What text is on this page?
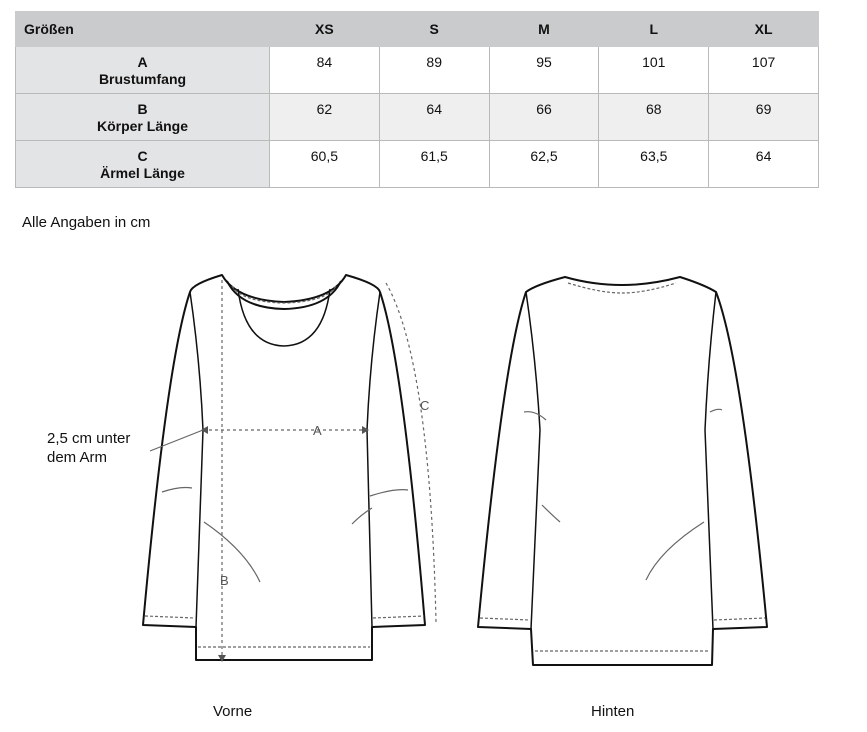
Größen	XS	S	M	L	XL

A
Brustumfang	84	89	95	101	107

B
Körper Länge	62	64	66	68	69

C
Ärmel Länge	60,5	61,5	62,5	63,5	64
Alle Angaben in cm
A
B
C
2,5 cm unter
dem Arm
Vorne	Hinten
